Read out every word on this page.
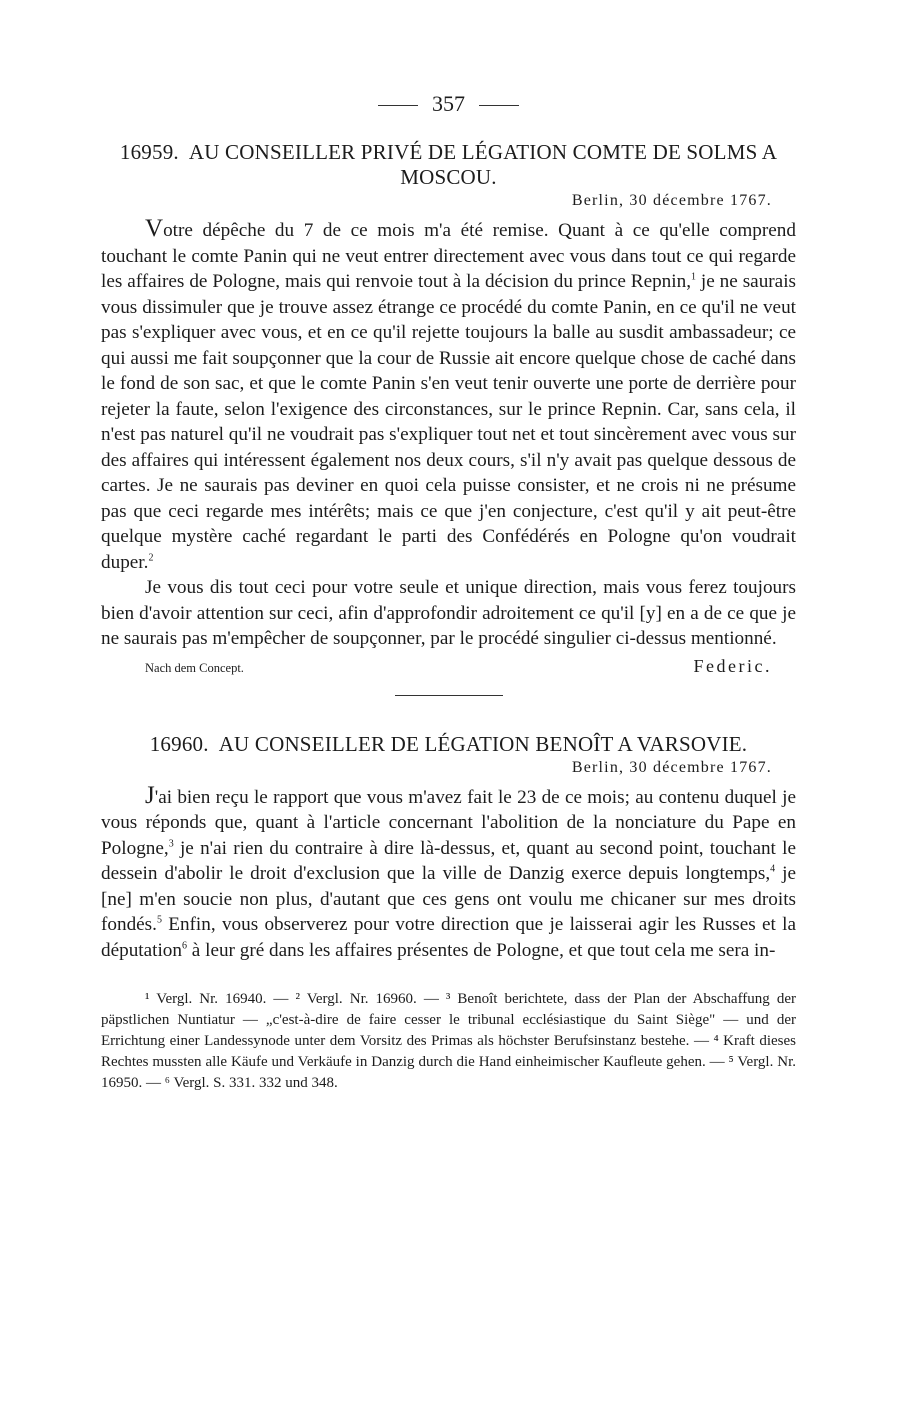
357
16959. AU CONSEILLER PRIVÉ DE LÉGATION COMTE DE SOLMS A MOSCOU.
Berlin, 30 décembre 1767.

Votre dépêche du 7 de ce mois m'a été remise. Quant à ce qu'elle comprend touchant le comte Panin qui ne veut entrer directement avec vous dans tout ce qui regarde les affaires de Pologne, mais qui renvoie tout à la décision du prince Repnin,$^1$ je ne saurais vous dissimuler que je trouve assez étrange ce procédé du comte Panin, en ce qu'il ne veut pas s'expliquer avec vous, et en ce qu'il rejette toujours la balle au susdit ambassadeur; ce qui aussi me fait soupçonner que la cour de Russie ait encore quelque chose de caché dans le fond de son sac, et que le comte Panin s'en veut tenir ouverte une porte de derrière pour rejeter la faute, selon l'exigence des circonstances, sur le prince Repnin. Car, sans cela, il n'est pas naturel qu'il ne voudrait pas s'expliquer tout net et tout sincèrement avec vous sur des affaires qui intéressent également nos deux cours, s'il n'y avait pas quelque dessous de cartes. Je ne saurais pas deviner en quoi cela puisse consister, et ne crois ni ne présume pas que ceci regarde mes intérêts; mais ce que j'en conjecture, c'est qu'il y ait peut-être quelque mystère caché regardant le parti des Confédérés en Pologne qu'on voudrait duper.$^2$

Je vous dis tout ceci pour votre seule et unique direction, mais vous ferez toujours bien d'avoir attention sur ceci, afin d'approfondir adroitement ce qu'il [y] en a de ce que je ne saurais pas m'empêcher de soupçonner, par le procédé singulier ci-dessus mentionné.

Nach dem Concept.	Federic.
16960. AU CONSEILLER DE LÉGATION BENOÎT A VARSOVIE.
Berlin, 30 décembre 1767.

J'ai bien reçu le rapport que vous m'avez fait le 23 de ce mois; au contenu duquel je vous réponds que, quant à l'article concernant l'abolition de la nonciature du Pape en Pologne,$^3$ je n'ai rien du contraire à dire là-dessus, et, quant au second point, touchant le dessein d'abolir le droit d'exclusion que la ville de Danzig exerce depuis longtemps,$^4$ je [ne] m'en soucie non plus, d'autant que ces gens ont voulu me chicaner sur mes droits fondés.$^5$ Enfin, vous observerez pour votre direction que je laisserai agir les Russes et la députation$^6$ à leur gré dans les affaires présentes de Pologne, et que tout cela me sera in-

¹ Vergl. Nr. 16940. — ² Vergl. Nr. 16960. — ³ Benoît berichtete, dass der Plan der Abschaffung der päpstlichen Nuntiatur — „c'est-à-dire de faire cesser le tribunal ecclésiastique du Saint Siège" — und der Errichtung einer Landessynode unter dem Vorsitz des Primas als höchster Berufsinstanz bestehe. — ⁴ Kraft dieses Rechtes mussten alle Käufe und Verkäufe in Danzig durch die Hand einheimischer Kaufleute gehen. — ⁵ Vergl. Nr. 16950. — ⁶ Vergl. S. 331. 332 und 348.
